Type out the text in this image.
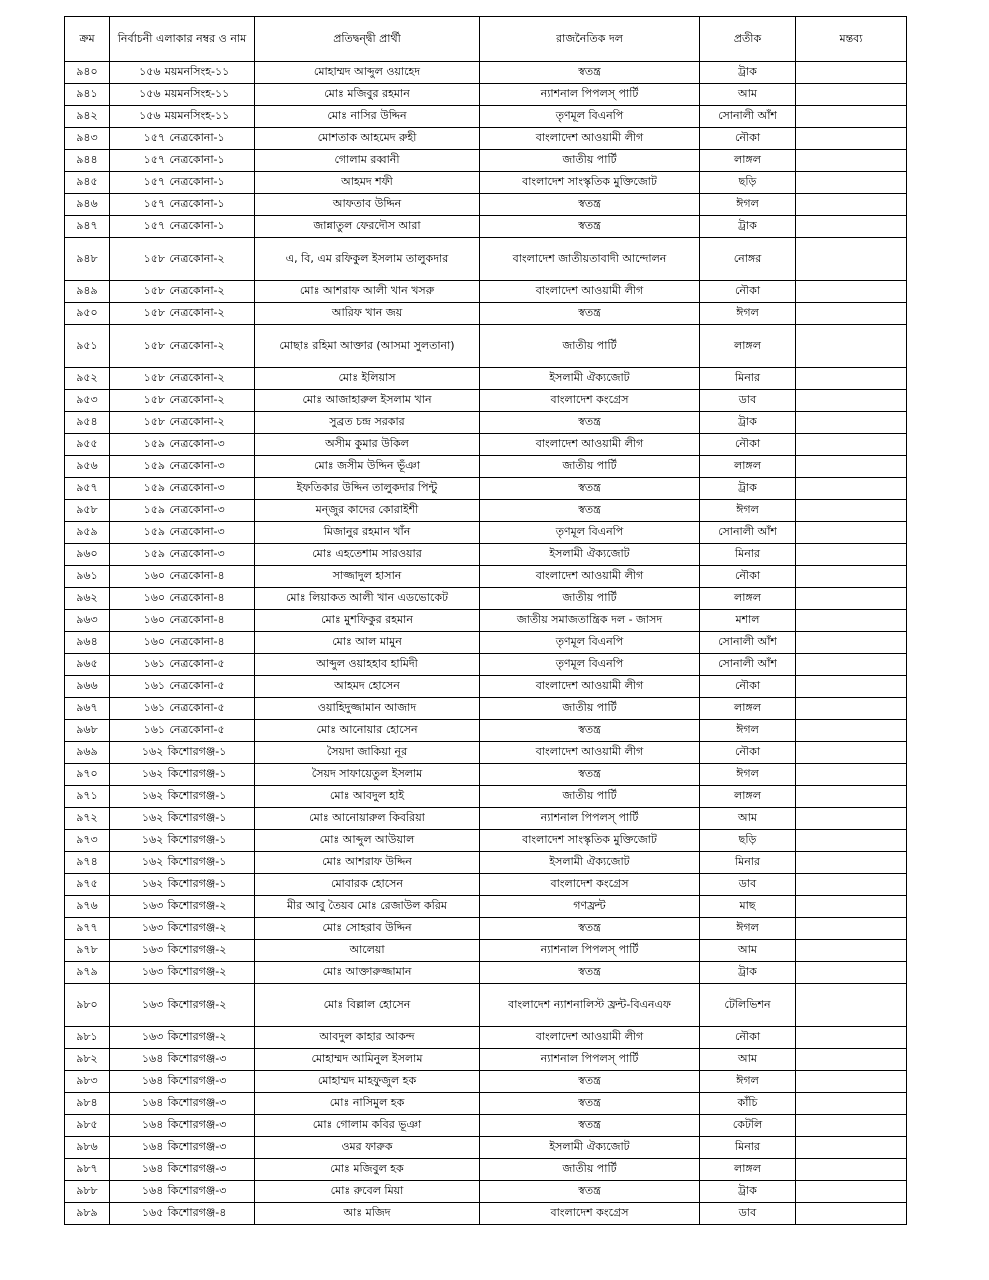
ক্রম	নির্বাচনী এলাকার নম্বর ও নাম	প্রতিদ্বন্দ্বী প্রার্থী	রাজনৈতিক দল	প্রতীক	মন্তব্য
৯৪০	১৫৬ ময়মনসিংহ-১১	মোহাম্মদ আব্দুল ওয়াহেদ	স্বতন্ত্র	ট্রাক	
৯৪১	১৫৬ ময়মনসিংহ-১১	মোঃ মজিবুর রহমান	ন্যাশনাল পিপলস্ পার্টি	আম	
৯৪২	১৫৬ ময়মনসিংহ-১১	মোঃ নাসির উদ্দিন	তৃণমূল বিএনপি	সোনালী আঁশ	
৯৪৩	১৫৭ নেত্রকোনা-১	মোশতাক আহমেদ রুহী	বাংলাদেশ আওয়ামী লীগ	নৌকা	
৯৪৪	১৫৭ নেত্রকোনা-১	গোলাম রব্বানী	জাতীয় পার্টি	লাঙ্গল	
৯৪৫	১৫৭ নেত্রকোনা-১	আহমদ শফী	বাংলাদেশ সাংস্কৃতিক মুক্তিজোট	ছড়ি	
৯৪৬	১৫৭ নেত্রকোনা-১	আফতাব উদ্দিন	স্বতন্ত্র	ঈগল	
৯৪৭	১৫৭ নেত্রকোনা-১	জান্নাতুল ফেরদৌস আরা	স্বতন্ত্র	ট্রাক	
৯৪৮	১৫৮ নেত্রকোনা-২	এ, বি, এম রফিকুল ইসলাম তালুকদার	বাংলাদেশ জাতীয়তাবাদী আন্দোলন	নোঙ্গর	
৯৪৯	১৫৮ নেত্রকোনা-২	মোঃ আশরাফ আলী খান খসরু	বাংলাদেশ আওয়ামী লীগ	নৌকা	
৯৫০	১৫৮ নেত্রকোনা-২	আরিফ খান জয়	স্বতন্ত্র	ঈগল	
৯৫১	১৫৮ নেত্রকোনা-২	মোছাঃ রহিমা আক্তার (আসমা সুলতানা)	জাতীয় পার্টি	লাঙ্গল	
৯৫২	১৫৮ নেত্রকোনা-২	মোঃ ইলিয়াস	ইসলামী ঐক্যজোট	মিনার	
৯৫৩	১৫৮ নেত্রকোনা-২	মোঃ আজাহারুল ইসলাম খান	বাংলাদেশ কংগ্রেস	ডাব	
৯৫৪	১৫৮ নেত্রকোনা-২	সুব্রত চন্দ্র সরকার	স্বতন্ত্র	ট্রাক	
৯৫৫	১৫৯ নেত্রকোনা-৩	অসীম কুমার উকিল	বাংলাদেশ আওয়ামী লীগ	নৌকা	
৯৫৬	১৫৯ নেত্রকোনা-৩	মোঃ জসীম উদ্দিন ভূঁঞা	জাতীয় পার্টি	লাঙ্গল	
৯৫৭	১৫৯ নেত্রকোনা-৩	ইফতিকার উদ্দিন তালুকদার পিন্টু	স্বতন্ত্র	ট্রাক	
৯৫৮	১৫৯ নেত্রকোনা-৩	মন্জুর কাদের কোরাইশী	স্বতন্ত্র	ঈগল	
৯৫৯	১৫৯ নেত্রকোনা-৩	মিজানুর রহমান খাঁন	তৃণমূল বিএনপি	সোনালী আঁশ	
৯৬০	১৫৯ নেত্রকোনা-৩	মোঃ এহতেশাম সারওয়ার	ইসলামী ঐক্যজোট	মিনার	
৯৬১	১৬০ নেত্রকোনা-৪	সাজ্জাদুল হাসান	বাংলাদেশ আওয়ামী লীগ	নৌকা	
৯৬২	১৬০ নেত্রকোনা-৪	মোঃ লিয়াকত আলী খান এডভোকেট	জাতীয় পার্টি	লাঙ্গল	
৯৬৩	১৬০ নেত্রকোনা-৪	মোঃ মুশফিকুর রহমান	জাতীয় সমাজতান্ত্রিক দল - জাসদ	মশাল	
৯৬৪	১৬০ নেত্রকোনা-৪	মোঃ আল মামুন	তৃণমূল বিএনপি	সোনালী আঁশ	
৯৬৫	১৬১ নেত্রকোনা-৫	আব্দুল ওয়াহহাব হামিদী	তৃণমূল বিএনপি	সোনালী আঁশ	
৯৬৬	১৬১ নেত্রকোনা-৫	আহমদ হোসেন	বাংলাদেশ আওয়ামী লীগ	নৌকা	
৯৬৭	১৬১ নেত্রকোনা-৫	ওয়াহিদুজ্জামান আজাদ	জাতীয় পার্টি	লাঙ্গল	
৯৬৮	১৬১ নেত্রকোনা-৫	মোঃ আনোয়ার হোসেন	স্বতন্ত্র	ঈগল	
৯৬৯	১৬২ কিশোরগঞ্জ-১	সৈয়দা জাকিয়া নূর	বাংলাদেশ আওয়ামী লীগ	নৌকা	
৯৭০	১৬২ কিশোরগঞ্জ-১	সৈয়দ সাফায়েতুল ইসলাম	স্বতন্ত্র	ঈগল	
৯৭১	১৬২ কিশোরগঞ্জ-১	মোঃ আবদুল হাই	জাতীয় পার্টি	লাঙ্গল	
৯৭২	১৬২ কিশোরগঞ্জ-১	মোঃ আনোয়ারুল কিবরিয়া	ন্যাশনাল পিপলস্ পার্টি	আম	
৯৭৩	১৬২ কিশোরগঞ্জ-১	মোঃ আব্দুল আউয়াল	বাংলাদেশ সাংস্কৃতিক মুক্তিজোট	ছড়ি	
৯৭৪	১৬২ কিশোরগঞ্জ-১	মোঃ আশরাফ উদ্দিন	ইসলামী ঐক্যজোট	মিনার	
৯৭৫	১৬২ কিশোরগঞ্জ-১	মোবারক হোসেন	বাংলাদেশ কংগ্রেস	ডাব	
৯৭৬	১৬৩ কিশোরগঞ্জ-২	মীর আবু তৈয়ব মোঃ রেজাউল করিম	গণফ্রন্ট	মাছ	
৯৭৭	১৬৩ কিশোরগঞ্জ-২	মোঃ সোহরাব উদ্দিন	স্বতন্ত্র	ঈগল	
৯৭৮	১৬৩ কিশোরগঞ্জ-২	আলেয়া	ন্যাশনাল পিপলস্ পার্টি	আম	
৯৭৯	১৬৩ কিশোরগঞ্জ-২	মোঃ আক্তারুজ্জামান	স্বতন্ত্র	ট্রাক	
৯৮০	১৬৩ কিশোরগঞ্জ-২	মোঃ বিল্লাল হোসেন	বাংলাদেশ ন্যাশনালিস্ট ফ্রন্ট-বিএনএফ	টেলিভিশন	
৯৮১	১৬৩ কিশোরগঞ্জ-২	আবদুল কাহার আকন্দ	বাংলাদেশ আওয়ামী লীগ	নৌকা	
৯৮২	১৬৪ কিশোরগঞ্জ-৩	মোহাম্মদ আমিনুল ইসলাম	ন্যাশনাল পিপলস্ পার্টি	আম	
৯৮৩	১৬৪ কিশোরগঞ্জ-৩	মোহাম্মদ মাহফুজুল হক	স্বতন্ত্র	ঈগল	
৯৮৪	১৬৪ কিশোরগঞ্জ-৩	মোঃ নাসিমুল হক	স্বতন্ত্র	কাঁচি	
৯৮৫	১৬৪ কিশোরগঞ্জ-৩	মোঃ গোলাম কবির ভূঞা	স্বতন্ত্র	কেটলি	
৯৮৬	১৬৪ কিশোরগঞ্জ-৩	ওমর ফারুক	ইসলামী ঐক্যজোট	মিনার	
৯৮৭	১৬৪ কিশোরগঞ্জ-৩	মোঃ মজিবুল হক	জাতীয় পার্টি	লাঙ্গল	
৯৮৮	১৬৪ কিশোরগঞ্জ-৩	মোঃ রুবেল মিয়া	স্বতন্ত্র	ট্রাক	
৯৮৯	১৬৫ কিশোরগঞ্জ-৪	আঃ মজিদ	বাংলাদেশ কংগ্রেস	ডাব	
